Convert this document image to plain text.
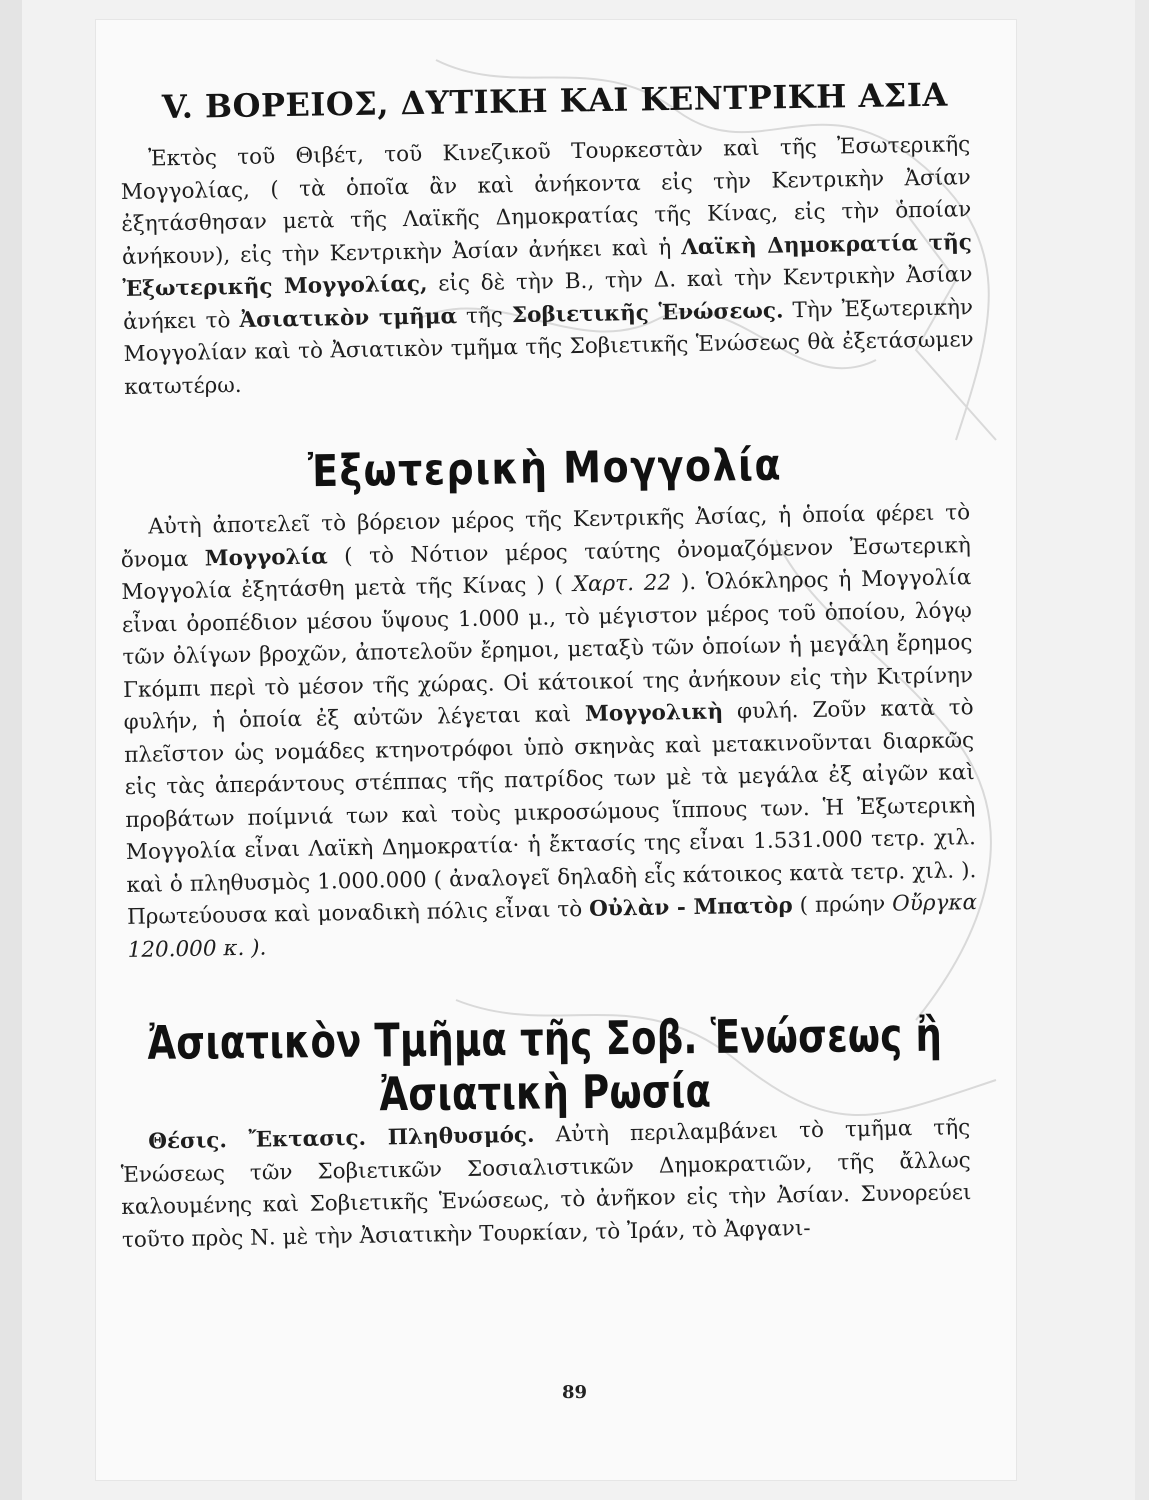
V. ΒΟΡΕΙΟΣ, ΔΥΤΙΚΗ ΚΑΙ ΚΕΝΤΡΙΚΗ ΑΣΙΑ

Ἐκτὸς τοῦ Θιβέτ, τοῦ Κινεζικοῦ Τουρκεστὰν καὶ τῆς Ἐσωτερικῆς Μογγολίας, ( τὰ ὁποῖα ἂν καὶ ἀνήκοντα εἰς τὴν Κεντρικὴν Ἀσίαν ἐξητάσθησαν μετὰ τῆς Λαϊκῆς Δημοκρατίας τῆς Κίνας, εἰς τὴν ὁποίαν ἀνήκουν), εἰς τὴν Κεντρικὴν Ἀσίαν ἀνήκει καὶ ἡ Λαϊκὴ Δημοκρατία τῆς Ἐξωτερικῆς Μογγολίας, εἰς δὲ τὴν Β., τὴν Δ. καὶ τὴν Κεντρικὴν Ἀσίαν ἀνήκει τὸ Ἀσιατικὸν τμῆμα τῆς Σοβιετικῆς Ἑνώσεως. Τὴν Ἐξωτερικὴν Μογγολίαν καὶ τὸ Ἀσιατικὸν τμῆμα τῆς Σοβιετικῆς Ἑνώσεως θὰ ἐξετάσωμεν κατωτέρω.

Ἐξωτερικὴ Μογγολία

Αὐτὴ ἀποτελεῖ τὸ βόρειον μέρος τῆς Κεντρικῆς Ἀσίας, ἡ ὁποία φέρει τὸ ὄνομα Μογγολία ( τὸ Νότιον μέρος ταύτης ὀνομαζόμενον Ἐσωτερικὴ Μογγολία ἐξητάσθη μετὰ τῆς Κίνας ) ( Χαρτ. 22 ). Ὁλόκληρος ἡ Μογγολία εἶναι ὀροπέδιον μέσου ὕψους 1.000 μ., τὸ μέγιστον μέρος τοῦ ὁποίου, λόγῳ τῶν ὀλίγων βροχῶν, ἀποτελοῦν ἔρημοι, μεταξὺ τῶν ὁποίων ἡ μεγάλη ἔρημος Γκόμπι περὶ τὸ μέσον τῆς χώρας. Οἱ κάτοικοί της ἀνήκουν εἰς τὴν Κιτρίνην φυλήν, ἡ ὁποία ἐξ αὐτῶν λέγεται καὶ Μογγολικὴ φυλή. Ζοῦν κατὰ τὸ πλεῖστον ὡς νομάδες κτηνοτρόφοι ὑπὸ σκηνὰς καὶ μετακινοῦνται διαρκῶς εἰς τὰς ἀπεράντους στέππας τῆς πατρίδος των μὲ τὰ μεγάλα ἐξ αἰγῶν καὶ προβάτων ποίμνιά των καὶ τοὺς μικροσώμους ἵππους των. Ἡ Ἐξωτερικὴ Μογγολία εἶναι Λαϊκὴ Δημοκρατία· ἡ ἔκτασίς της εἶναι 1.531.000 τετρ. χιλ. καὶ ὁ πληθυσμὸς 1.000.000 ( ἀναλογεῖ δηλαδὴ εἷς κάτοικος κατὰ τετρ. χιλ. ). Πρωτεύουσα καὶ μοναδικὴ πόλις εἶναι τὸ Οὐλὰν - Μπατὸρ ( πρώην Οὔργκα 120.000 κ. ).

Ἀσιατικὸν Τμῆμα τῆς Σοβ. Ἑνώσεως ἢ Ἀσιατικὴ Ρωσία

Θέσις. Ἔκτασις. Πληθυσμός. Αὐτὴ περιλαμβάνει τὸ τμῆμα τῆς Ἑνώσεως τῶν Σοβιετικῶν Σοσιαλιστικῶν Δημοκρατιῶν, τῆς ἄλλως καλουμένης καὶ Σοβιετικῆς Ἑνώσεως, τὸ ἀνῆκον εἰς τὴν Ἀσίαν. Συνορεύει τοῦτο πρὸς Ν. μὲ τὴν Ἀσιατικὴν Τουρκίαν, τὸ Ἰράν, τὸ Ἀφγανι-

89
